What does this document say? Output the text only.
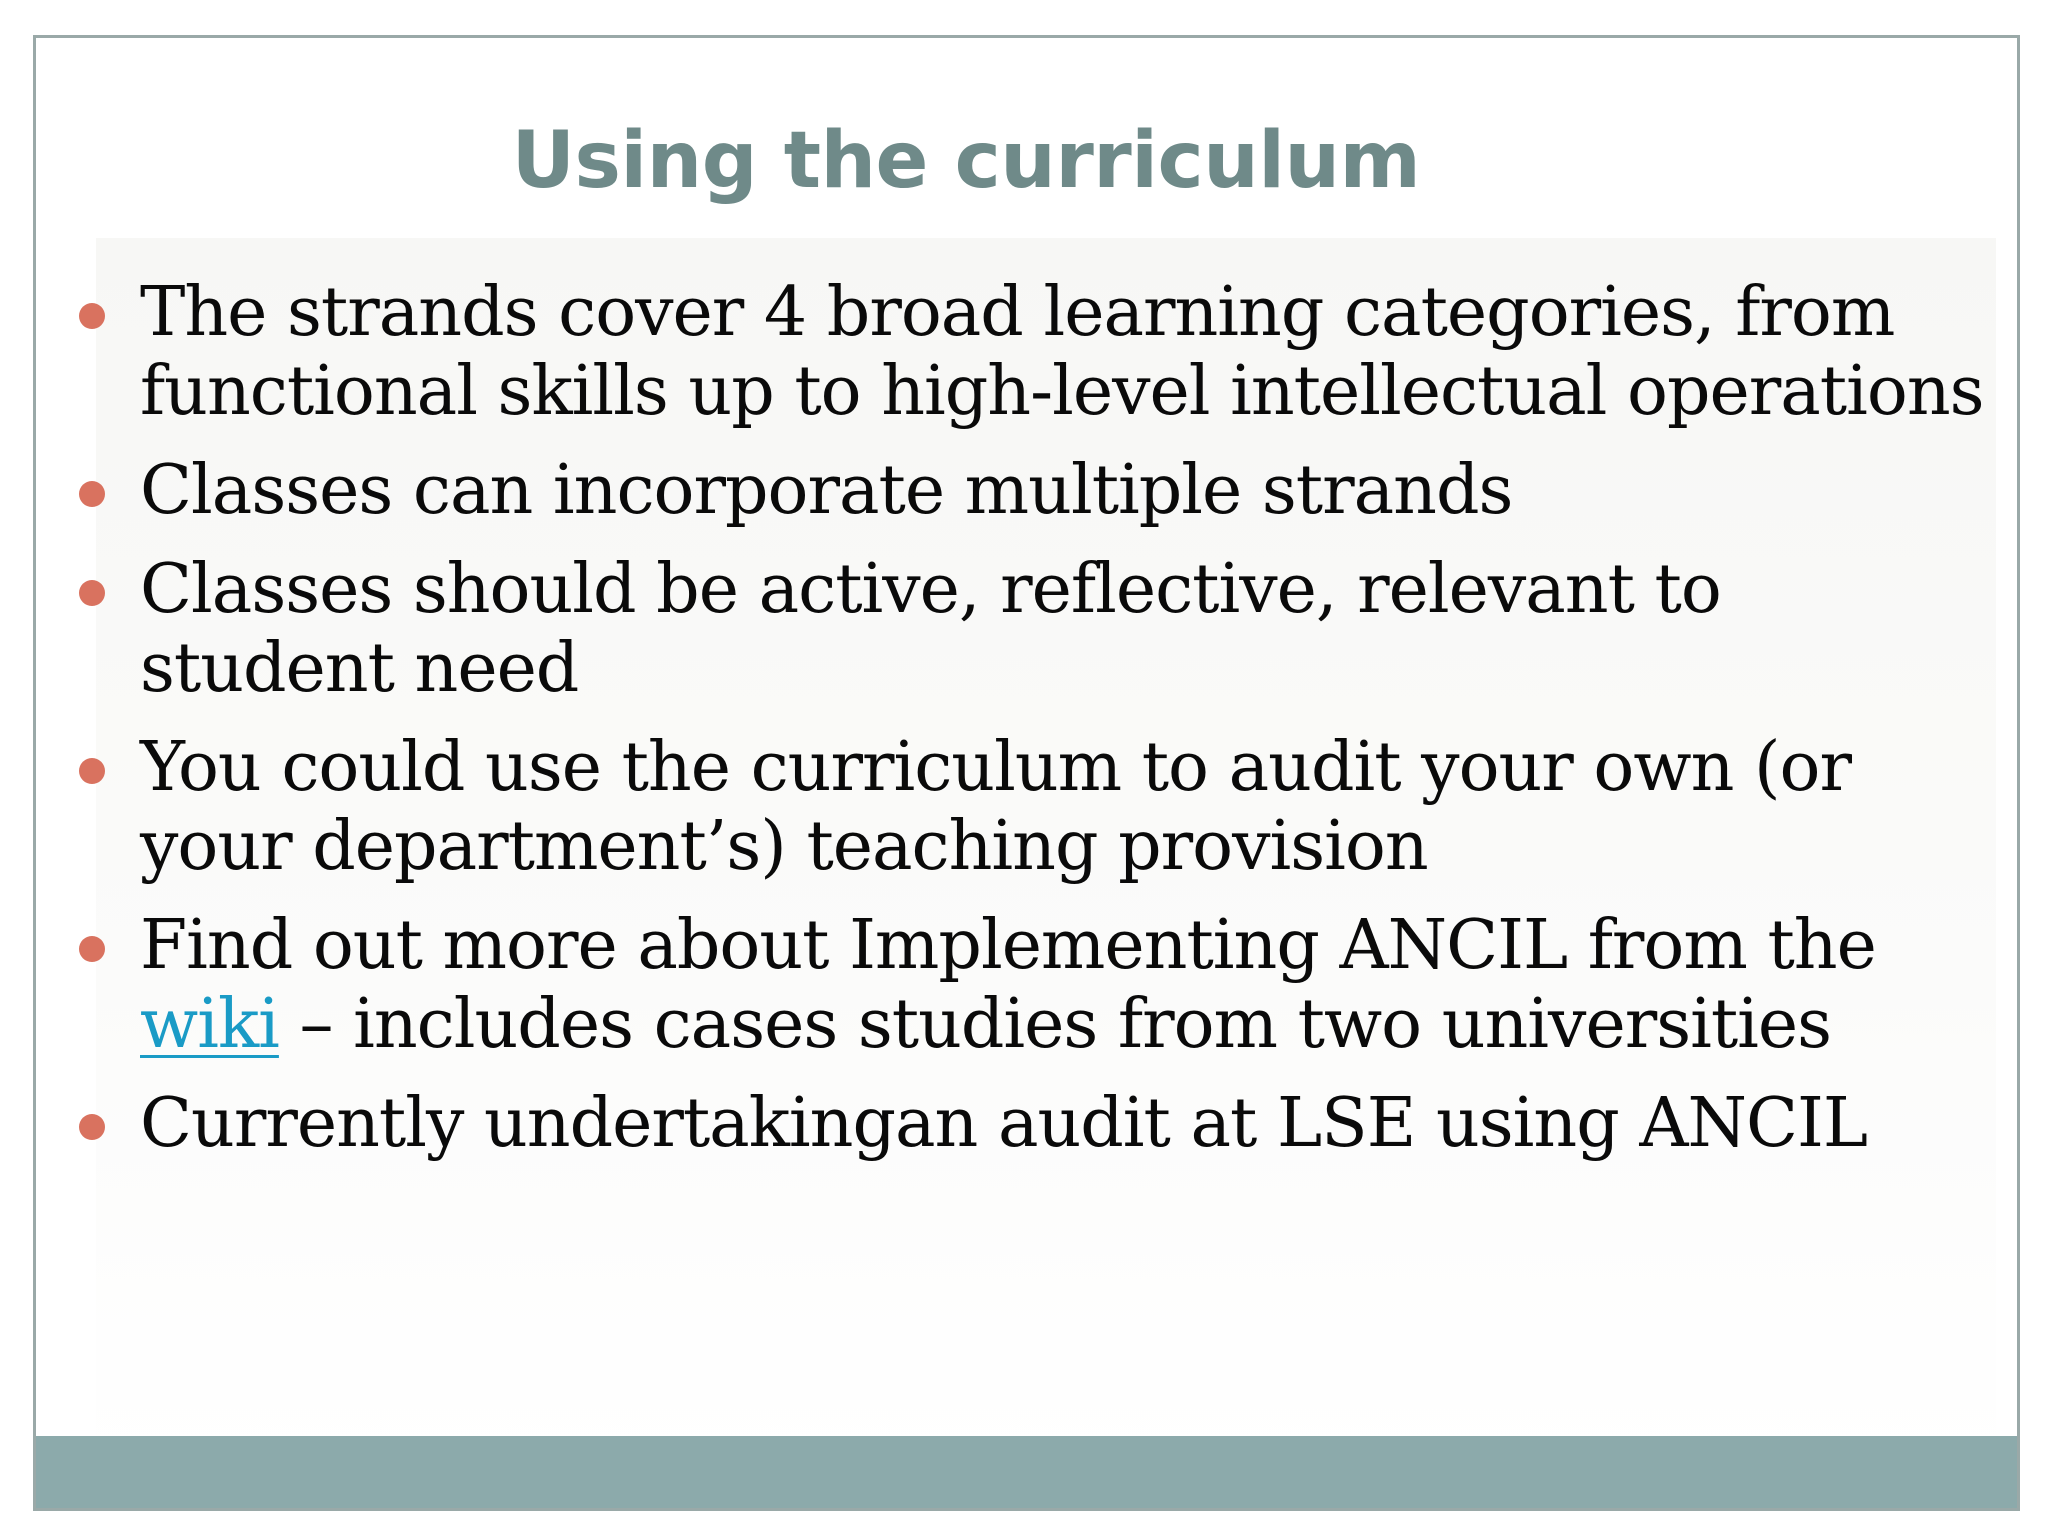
Using the curriculum
The strands cover 4 broad learning categories, from functional skills up to high-level intellectual operations
Classes can incorporate multiple strands
Classes should be active, reflective, relevant to student need
You could use the curriculum to audit your own (or your department’s) teaching provision
Find out more about Implementing ANCIL from the wiki – includes cases studies from two universities
Currently undertakingan audit at LSE using ANCIL
